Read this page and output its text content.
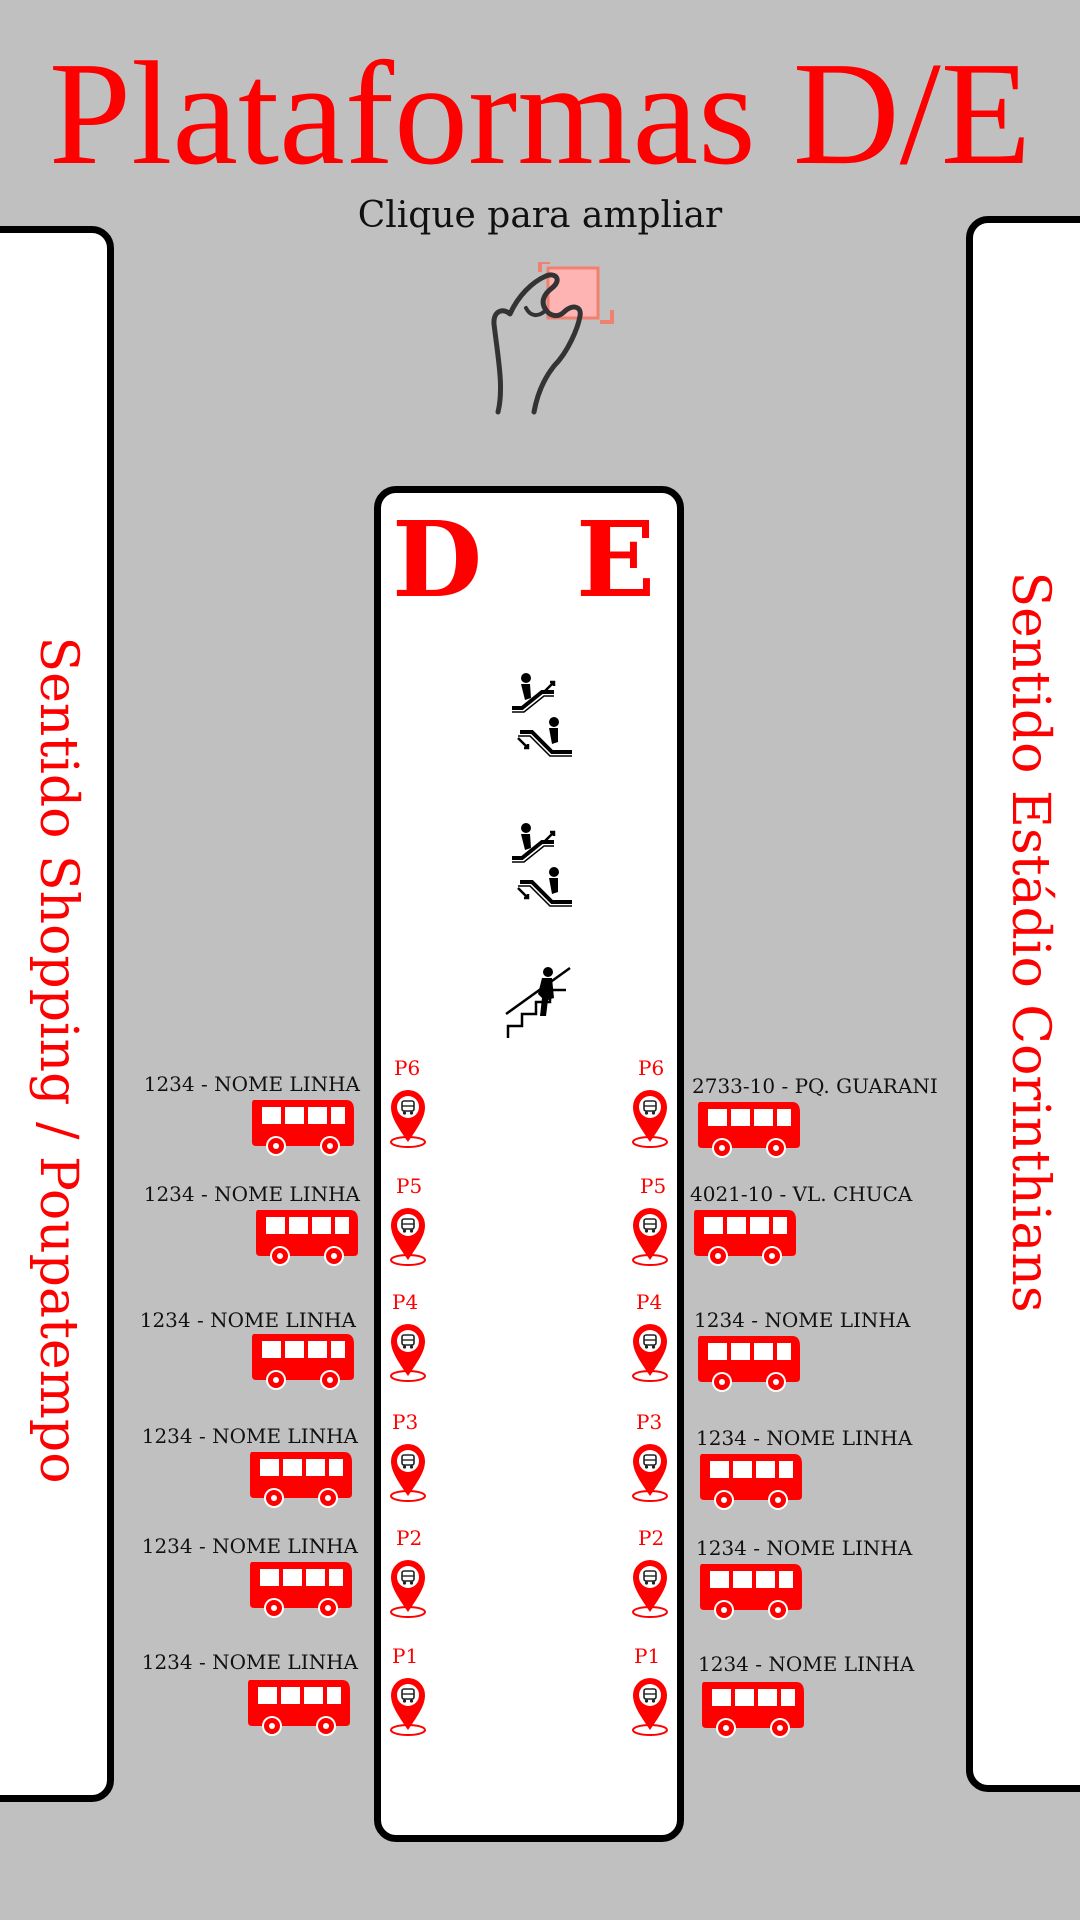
Plataformas D/E
Clique para ampliar
Sentido Shopping / Poupatempo	Sentido Estádio Corinthians
D E
1234 - NOME LINHA
P6
1234 - NOME LINHA P5
1234 - NOME LINHA
P4
1234 - NOME LINHA
P3
1234 - NOME LINHA P2
1234 - NOME LINHA P1
P6
2733-10 - PQ. GUARANI
P5 4021-10 - VL. CHUCA
P4
1234 - NOME LINHA
P3
1234 - NOME LINHA
P2 1234 - NOME LINHA
P1 1234 - NOME LINHA
